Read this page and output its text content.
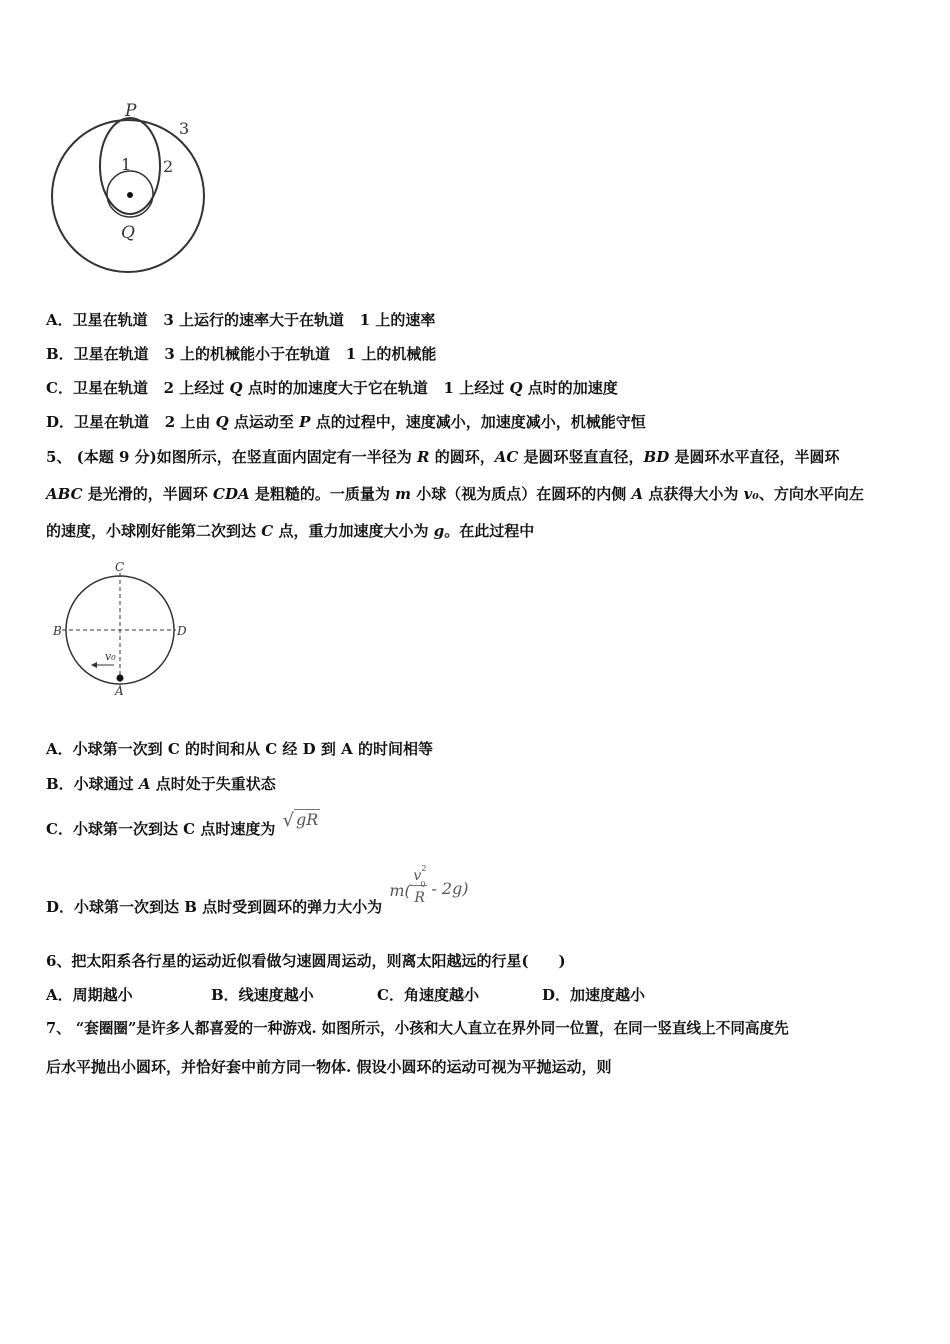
P
3
1 2
Q
A．卫星在轨道 3 上运行的速率大于在轨道 1 上的速率
B．卫星在轨道 3 上的机械能小于在轨道 1 上的机械能
C．卫星在轨道 2 上经过 Q 点时的加速度大于它在轨道 1 上经过 Q 点时的加速度
D．卫星在轨道 2 上由 Q 点运动至 P 点的过程中，速度减小，加速度减小，机械能守恒
5、 (本题 9 分)如图所示，在竖直面内固定有一半径为 R 的圆环，AC 是圆环竖直直径，BD 是圆环水平直径，半圆环
ABC 是光滑的，半圆环 CDA 是粗糙的。一质量为 m 小球（视为质点）在圆环的内侧 A 点获得大小为 v₀、方向水平向左
的速度，小球刚好能第二次到达 C 点，重力加速度大小为 g。在此过程中
C
B	D
A
v₀
A．小球第一次到 C 的时间和从 C 经 D 到 A 的时间相等
B．小球通过 A 点时处于失重状态
C．小球第一次到达 C 点时速度为 √ gR
D．小球第一次到达 B 点时受到圆环的弹力大小为
m(
v
0
2
R - 2g)
6、把太阳系各行星的运动近似看做匀速圆周运动，则离太阳越远的行星(　　)
A．周期越小	B．线速度越小	C．角速度越小	D．加速度越小
7、 “套圈圈”是许多人都喜爱的一种游戏. 如图所示，小孩和大人直立在界外同一位置，在同一竖直线上不同高度先
后水平抛出小圆环，并恰好套中前方同一物体. 假设小圆环的运动可视为平抛运动，则
